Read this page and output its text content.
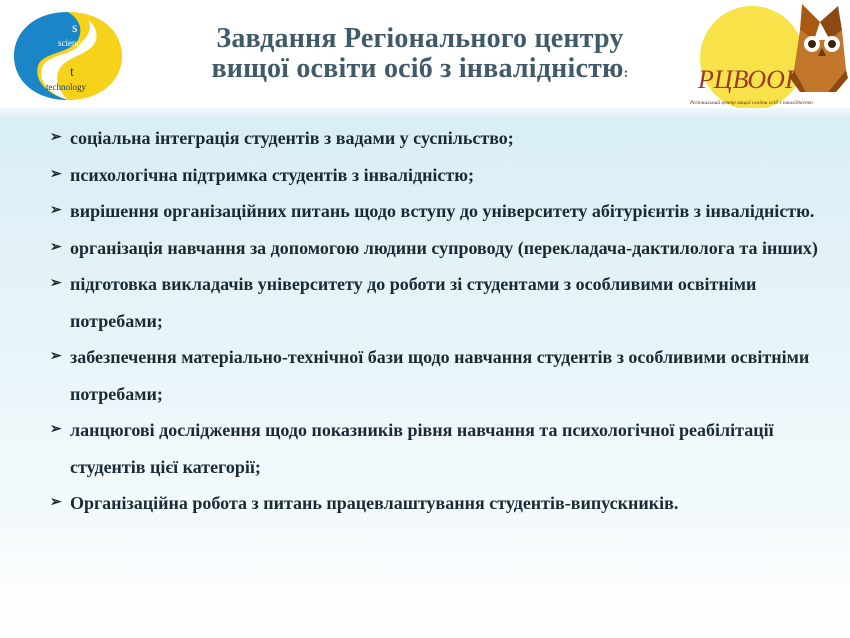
s
science
t
technology
Завдання Регіонального центру
вищої освіти осіб з інвалідністю:	РЦВООІ
Регіональний центр вищої освіти осіб з інвалідністю
➢ соціальна інтеграція студентів з вадами у суспільство;
➢ психологічна підтримка студентів з інвалідністю;
➢ вирішення організаційних питань щодо вступу до університету абітурієнтів з інвалідністю.
➢ організація навчання за допомогою людини супроводу (перекладача-дактилолога та інших)
➢ підготовка викладачів університету до роботи зі студентами з особливими освітніми потребами;
➢ забезпечення матеріально-технічної бази щодо навчання студентів з особливими освітніми потребами;
➢ ланцюгові дослідження щодо показників рівня навчання та психологічної реабілітації студентів цієї категорії;
➢ Організаційна робота з питань працевлаштування студентів-випускників.
